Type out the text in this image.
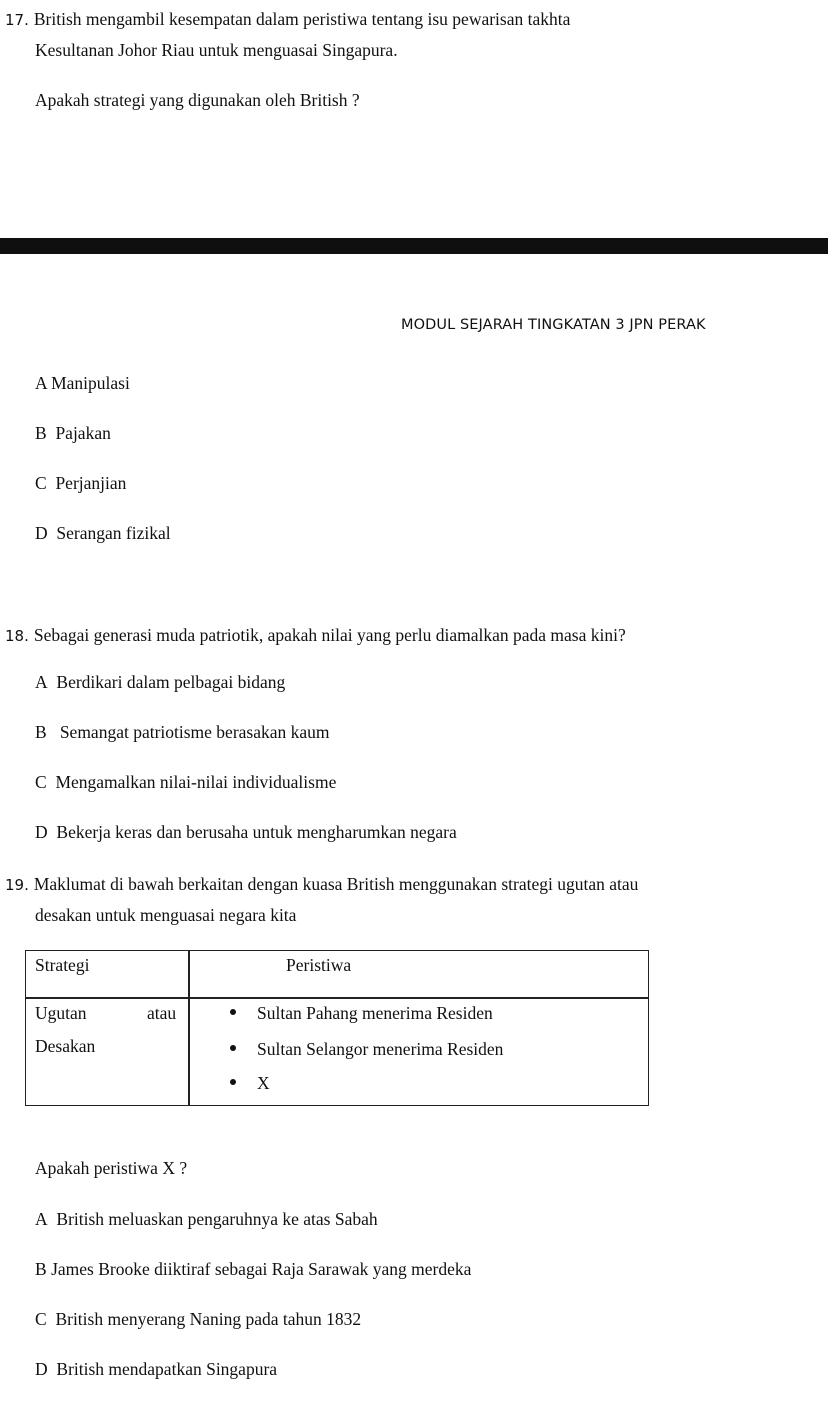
17. British mengambil kesempatan dalam peristiwa tentang isu pewarisan takhta
Kesultanan Johor Riau untuk menguasai Singapura.
Apakah strategi yang digunakan oleh British ?
MODUL SEJARAH TINGKATAN 3 JPN PERAK
A Manipulasi
B Pajakan
C Perjanjian
D Serangan fizikal
18. Sebagai generasi muda patriotik, apakah nilai yang perlu diamalkan pada masa kini?
A Berdikari dalam pelbagai bidang
B Semangat patriotisme berasakan kaum
C Mengamalkan nilai-nilai individualisme
D Bekerja keras dan berusaha untuk mengharumkan negara
19. Maklumat di bawah berkaitan dengan kuasa British menggunakan strategi ugutan atau
desakan untuk menguasai negara kita
Strategi	Peristiwa
Ugutan	atau
Desakan
Sultan Pahang menerima Residen
Sultan Selangor menerima Residen
X
Apakah peristiwa X ?
A British meluaskan pengaruhnya ke atas Sabah
B James Brooke diiktiraf sebagai Raja Sarawak yang merdeka
C British menyerang Naning pada tahun 1832
D British mendapatkan Singapura
